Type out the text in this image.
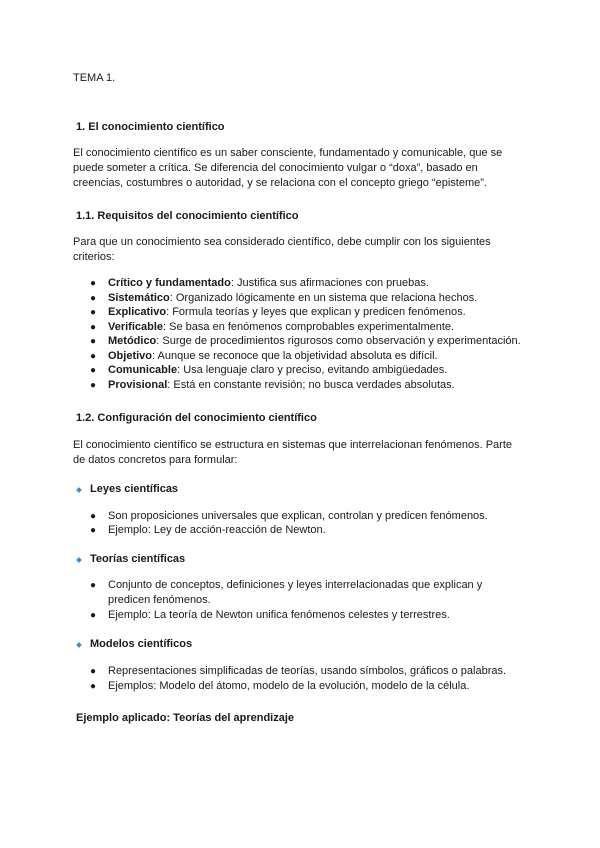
TEMA 1.
1. El conocimiento científico
El conocimiento científico es un saber consciente, fundamentado y comunicable, que se
puede someter a crítica. Se diferencia del conocimiento vulgar o “doxa”, basado en
creencias, costumbres o autoridad, y se relaciona con el concepto griego “episteme”.
1.1. Requisitos del conocimiento científico
Para que un conocimiento sea considerado científico, debe cumplir con los siguientes
criterios:
●	Crítico y fundamentado: Justifica sus afirmaciones con pruebas.
●	Sistemático: Organizado lógicamente en un sistema que relaciona hechos.
●	Explicativo: Formula teorías y leyes que explican y predicen fenómenos.
●	Verificable: Se basa en fenómenos comprobables experimentalmente.
●	Metódico: Surge de procedimientos rigurosos como observación y experimentación.
●	Objetivo: Aunque se reconoce que la objetividad absoluta es difícil.
●	Comunicable: Usa lenguaje claro y preciso, evitando ambigüedades.
●	Provisional: Está en constante revisión; no busca verdades absolutas.
1.2. Configuración del conocimiento científico
El conocimiento científico se estructura en sistemas que interrelacionan fenómenos. Parte
de datos concretos para formular:
Leyes científicas
●	Son proposiciones universales que explican, controlan y predicen fenómenos.
●	Ejemplo: Ley de acción-reacción de Newton.
Teorías científicas
●	Conjunto de conceptos, definiciones y leyes interrelacionadas que explican y
predicen fenómenos.
●	Ejemplo: La teoría de Newton unifica fenómenos celestes y terrestres.
Modelos científicos
●	Representaciones simplificadas de teorías, usando símbolos, gráficos o palabras.
●	Ejemplos: Modelo del átomo, modelo de la evolución, modelo de la célula.
Ejemplo aplicado: Teorías del aprendizaje
